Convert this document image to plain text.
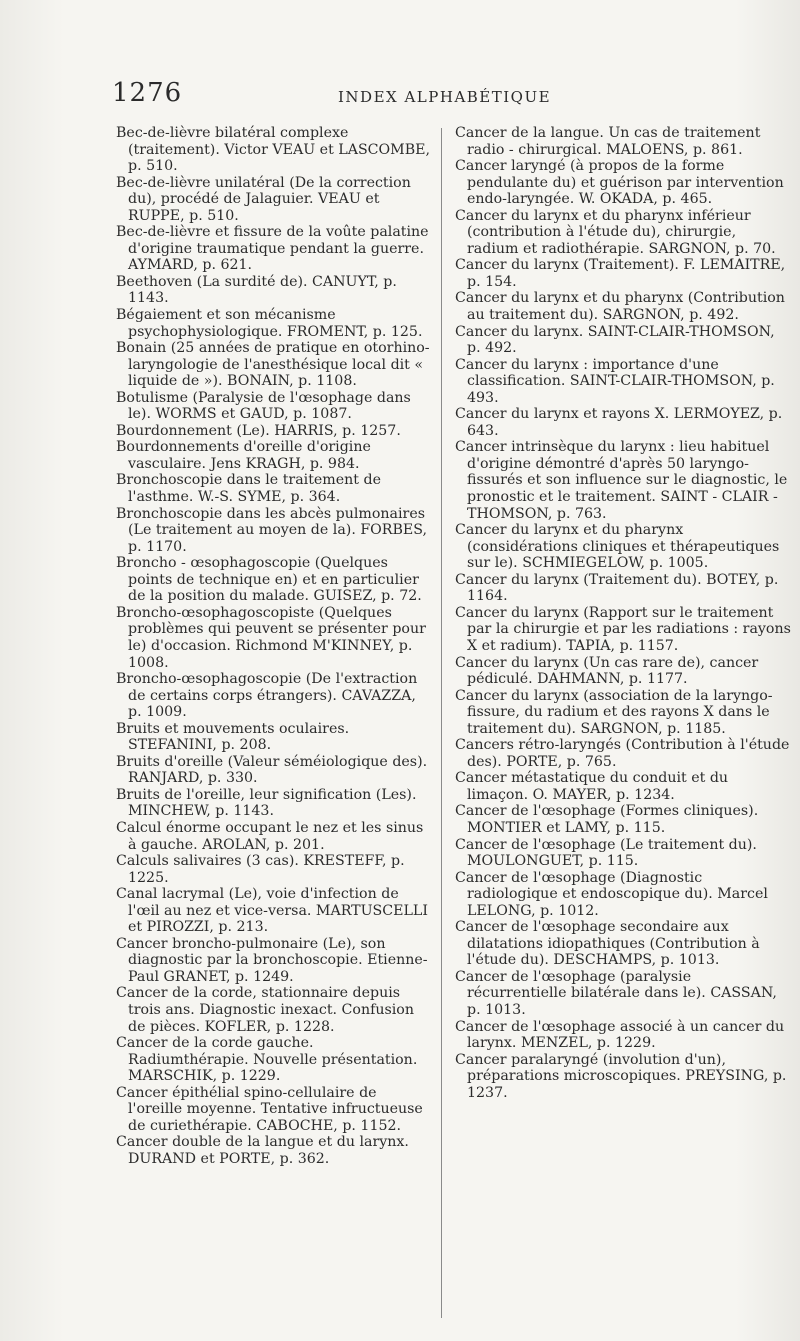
1276	INDEX ALPHABÉTIQUE

Bec-de-lièvre bilatéral complexe (traitement). Victor VEAU et LASCOMBE, p. 510.

Bec-de-lièvre unilatéral (De la correction du), procédé de Jalaguier. VEAU et RUPPE, p. 510.

Bec-de-lièvre et fissure de la voûte palatine d'origine traumatique pendant la guerre. AYMARD, p. 621.

Beethoven (La surdité de). CANUYT, p. 1143.

Bégaiement et son mécanisme psychophysiologique. FROMENT, p. 125.

Bonain (25 années de pratique en otorhino-laryngologie de l'anesthésique local dit « liquide de »). BONAIN, p. 1108.

Botulisme (Paralysie de l'œsophage dans le). WORMS et GAUD, p. 1087.

Bourdonnement (Le). HARRIS, p. 1257.

Bourdonnements d'oreille d'origine vasculaire. Jens KRAGH, p. 984.

Bronchoscopie dans le traitement de l'asthme. W.-S. SYME, p. 364.

Bronchoscopie dans les abcès pulmonaires (Le traitement au moyen de la). FORBES, p. 1170.

Broncho - œsophagoscopie (Quelques points de technique en) et en particulier de la position du malade. GUISEZ, p. 72.

Broncho-œsophagoscopiste (Quelques problèmes qui peuvent se présenter pour le) d'occasion. Richmond M'KINNEY, p. 1008.

Broncho-œsophagoscopie (De l'extraction de certains corps étrangers). CAVAZZA, p. 1009.

Bruits et mouvements oculaires. STEFANINI, p. 208.

Bruits d'oreille (Valeur séméiologique des). RANJARD, p. 330.

Bruits de l'oreille, leur signification (Les). MINCHEW, p. 1143.

Calcul énorme occupant le nez et les sinus à gauche. AROLAN, p. 201.

Calculs salivaires (3 cas). KRESTEFF, p. 1225.

Canal lacrymal (Le), voie d'infection de l'œil au nez et vice-versa. MARTUSCELLI et PIROZZI, p. 213.

Cancer broncho-pulmonaire (Le), son diagnostic par la bronchoscopie. Etienne-Paul GRANET, p. 1249.

Cancer de la corde, stationnaire depuis trois ans. Diagnostic inexact. Confusion de pièces. KOFLER, p. 1228.

Cancer de la corde gauche. Radiumthérapie. Nouvelle présentation. MARSCHIK, p. 1229.

Cancer épithélial spino-cellulaire de l'oreille moyenne. Tentative infructueuse de curiethérapie. CABOCHE, p. 1152.

Cancer double de la langue et du larynx. DURAND et PORTE, p. 362.

Cancer de la langue. Un cas de traitement radio - chirurgical. MALOENS, p. 861.

Cancer laryngé (à propos de la forme pendulante du) et guérison par intervention endo-laryngée. W. OKADA, p. 465.

Cancer du larynx et du pharynx inférieur (contribution à l'étude du), chirurgie, radium et radiothérapie. SARGNON, p. 70.

Cancer du larynx (Traitement). F. LEMAITRE, p. 154.

Cancer du larynx et du pharynx (Contribution au traitement du). SARGNON, p. 492.

Cancer du larynx. SAINT-CLAIR-THOMSON, p. 492.

Cancer du larynx : importance d'une classification. SAINT-CLAIR-THOMSON, p. 493.

Cancer du larynx et rayons X. LERMOYEZ, p. 643.

Cancer intrinsèque du larynx : lieu habituel d'origine démontré d'après 50 laryngo-fissurés et son influence sur le diagnostic, le pronostic et le traitement. SAINT - CLAIR - THOMSON, p. 763.

Cancer du larynx et du pharynx (considérations cliniques et thérapeutiques sur le). SCHMIEGELOW, p. 1005.

Cancer du larynx (Traitement du). BOTEY, p. 1164.

Cancer du larynx (Rapport sur le traitement par la chirurgie et par les radiations : rayons X et radium). TAPIA, p. 1157.

Cancer du larynx (Un cas rare de), cancer pédiculé. DAHMANN, p. 1177.

Cancer du larynx (association de la laryngo-fissure, du radium et des rayons X dans le traitement du). SARGNON, p. 1185.

Cancers rétro-laryngés (Contribution à l'étude des). PORTE, p. 765.

Cancer métastatique du conduit et du limaçon. O. MAYER, p. 1234.

Cancer de l'œsophage (Formes cliniques). MONTIER et LAMY, p. 115.

Cancer de l'œsophage (Le traitement du). MOULONGUET, p. 115.

Cancer de l'œsophage (Diagnostic radiologique et endoscopique du). Marcel LELONG, p. 1012.

Cancer de l'œsophage secondaire aux dilatations idiopathiques (Contribution à l'étude du). DESCHAMPS, p. 1013.

Cancer de l'œsophage (paralysie récurrentielle bilatérale dans le). CASSAN, p. 1013.

Cancer de l'œsophage associé à un cancer du larynx. MENZEL, p. 1229.

Cancer paralaryngé (involution d'un), préparations microscopiques. PREYSING, p. 1237.
